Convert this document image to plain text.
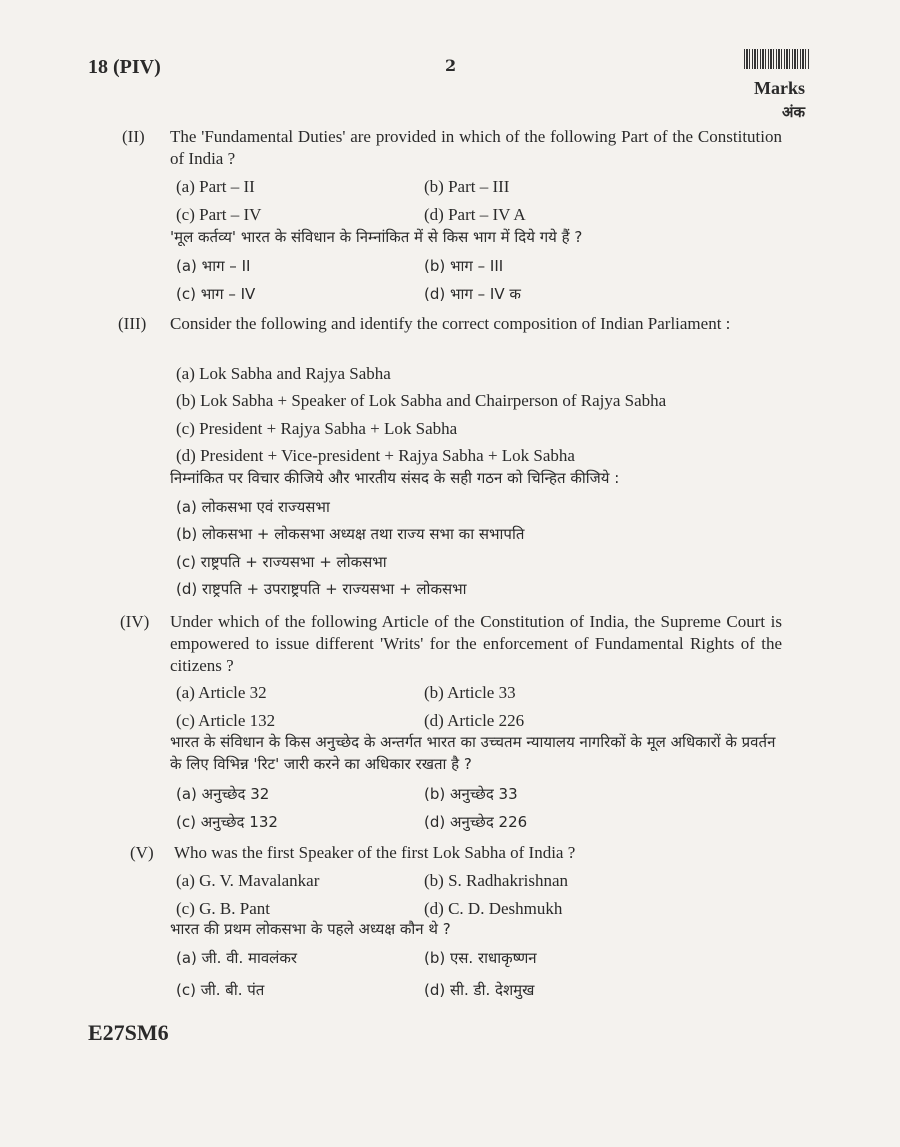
18 (PIV)	2
Marks
अंक
(II) The 'Fundamental Duties' are provided in which of the following Part of the Constitution of India ?
(a) Part – II	(b) Part – III
(c) Part – IV	(d) Part – IV A
'मूल कर्तव्य' भारत के संविधान के निम्नांकित में से किस भाग में दिये गये हैं ?
(a) भाग – II	(b) भाग – III
(c) भाग – IV	(d) भाग – IV क
(III) Consider the following and identify the correct composition of Indian Parliament :
(a) Lok Sabha and Rajya Sabha
(b) Lok Sabha + Speaker of Lok Sabha and Chairperson of Rajya Sabha
(c) President + Rajya Sabha + Lok Sabha
(d) President + Vice-president + Rajya Sabha + Lok Sabha
निम्नांकित पर विचार कीजिये और भारतीय संसद के सही गठन को चिन्हित कीजिये :
(a) लोकसभा एवं राज्यसभा
(b) लोकसभा + लोकसभा अध्यक्ष तथा राज्य सभा का सभापति
(c) राष्ट्रपति + राज्यसभा + लोकसभा
(d) राष्ट्रपति + उपराष्ट्रपति + राज्यसभा + लोकसभा
(IV) Under which of the following Article of the Constitution of India, the Supreme Court is empowered to issue different 'Writs' for the enforcement of Fundamental Rights of the citizens ?
(a) Article 32	(b) Article 33
(c) Article 132	(d) Article 226
भारत के संविधान के किस अनुच्छेद के अन्तर्गत भारत का उच्चतम न्यायालय नागरिकों के मूल अधिकारों के प्रवर्तन के लिए विभिन्न 'रिट' जारी करने का अधिकार रखता है ?
(a) अनुच्छेद 32	(b) अनुच्छेद 33
(c) अनुच्छेद 132	(d) अनुच्छेद 226
(V) Who was the first Speaker of the first Lok Sabha of India ?
(a) G. V. Mavalankar	(b) S. Radhakrishnan
(c) G. B. Pant	(d) C. D. Deshmukh
भारत की प्रथम लोकसभा के पहले अध्यक्ष कौन थे ?
(a) जी. वी. मावलंकर	(b) एस. राधाकृष्णन
(c) जी. बी. पंत	(d) सी. डी. देशमुख
E27SM6
